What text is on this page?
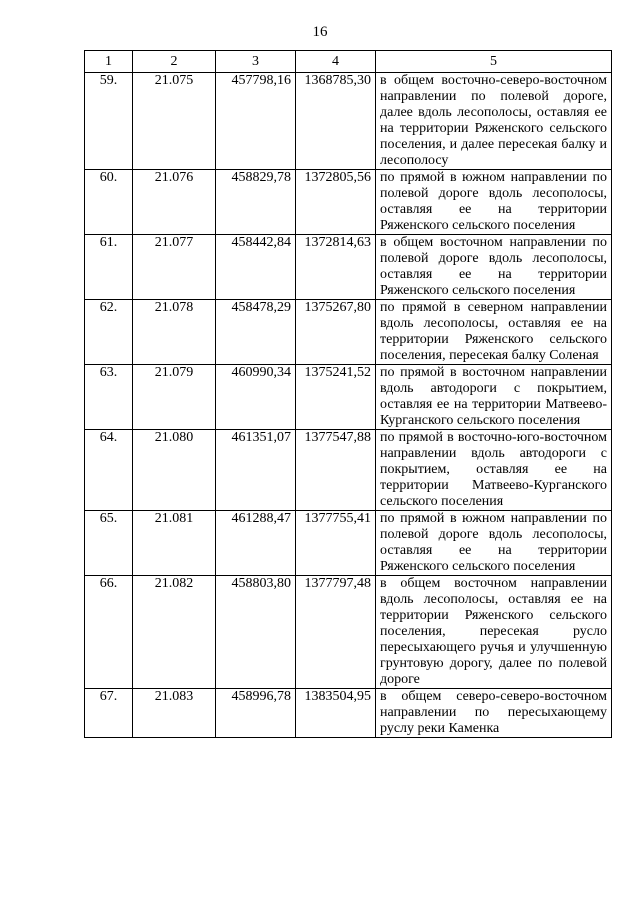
16
1	2	3	4	5
59.	21.075	457798,16	1368785,30	в общем восточно-северо-восточном направлении по полевой дороге, далее вдоль лесополосы, оставляя ее на территории Ряженского сельского поселения, и далее пересекая балку и лесополосу
60.	21.076	458829,78	1372805,56	по прямой в южном направлении по полевой дороге вдоль лесополосы, оставляя ее на территории Ряженского сельского поселения
61.	21.077	458442,84	1372814,63	в общем восточном направлении по полевой дороге вдоль лесополосы, оставляя ее на территории Ряженского сельского поселения
62.	21.078	458478,29	1375267,80	по прямой в северном направлении вдоль лесополосы, оставляя ее на территории Ряженского сельского поселения, пересекая балку Соленая
63.	21.079	460990,34	1375241,52	по прямой в восточном направлении вдоль автодороги с покрытием, оставляя ее на территории Матвеево-Курганского сельского поселения
64.	21.080	461351,07	1377547,88	по прямой в восточно-юго-восточном направлении вдоль автодороги с покрытием, оставляя ее на территории Матвеево-Курганского сельского поселения
65.	21.081	461288,47	1377755,41	по прямой в южном направлении по полевой дороге вдоль лесополосы, оставляя ее на территории Ряженского сельского поселения
66.	21.082	458803,80	1377797,48	в общем восточном направлении вдоль лесополосы, оставляя ее на территории Ряженского сельского поселения, пересекая русло пересыхающего ручья и улучшенную грунтовую дорогу, далее по полевой дороге
67.	21.083	458996,78	1383504,95	в общем северо-северо-восточном направлении по пересыхающему руслу реки Каменка
